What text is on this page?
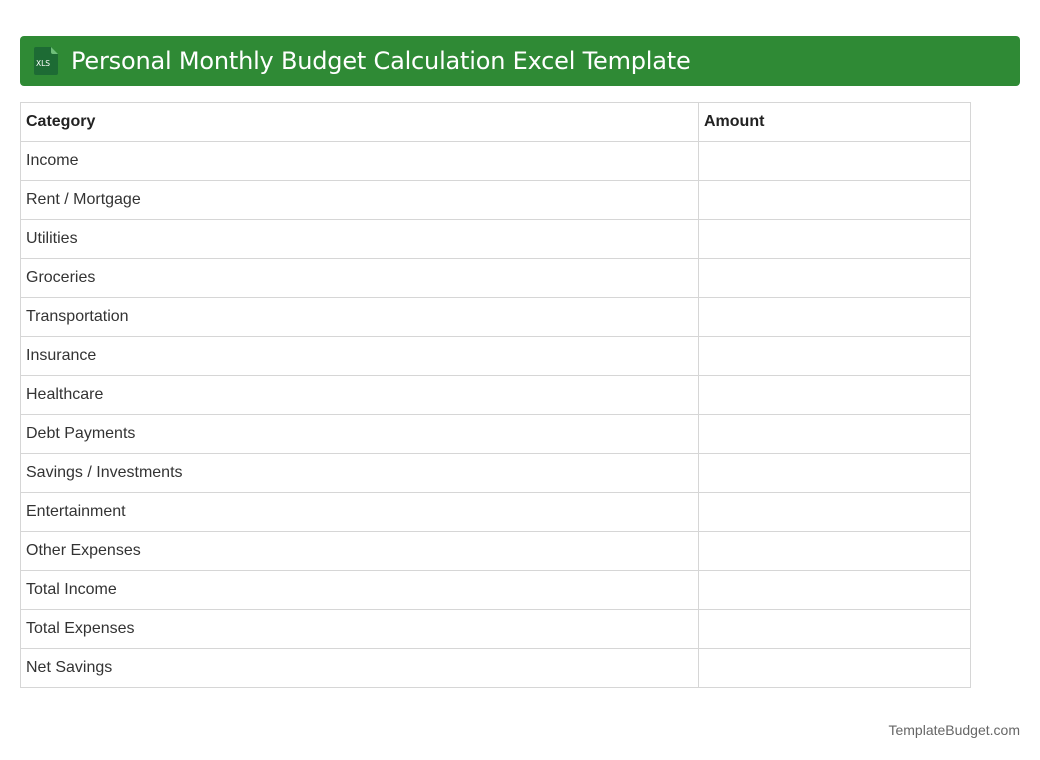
XLS Personal Monthly Budget Calculation Excel Template
Category	Amount
Income	
Rent / Mortgage	
Utilities	
Groceries	
Transportation	
Insurance	
Healthcare	
Debt Payments	
Savings / Investments	
Entertainment	
Other Expenses	
Total Income	
Total Expenses	
Net Savings	
TemplateBudget.com
